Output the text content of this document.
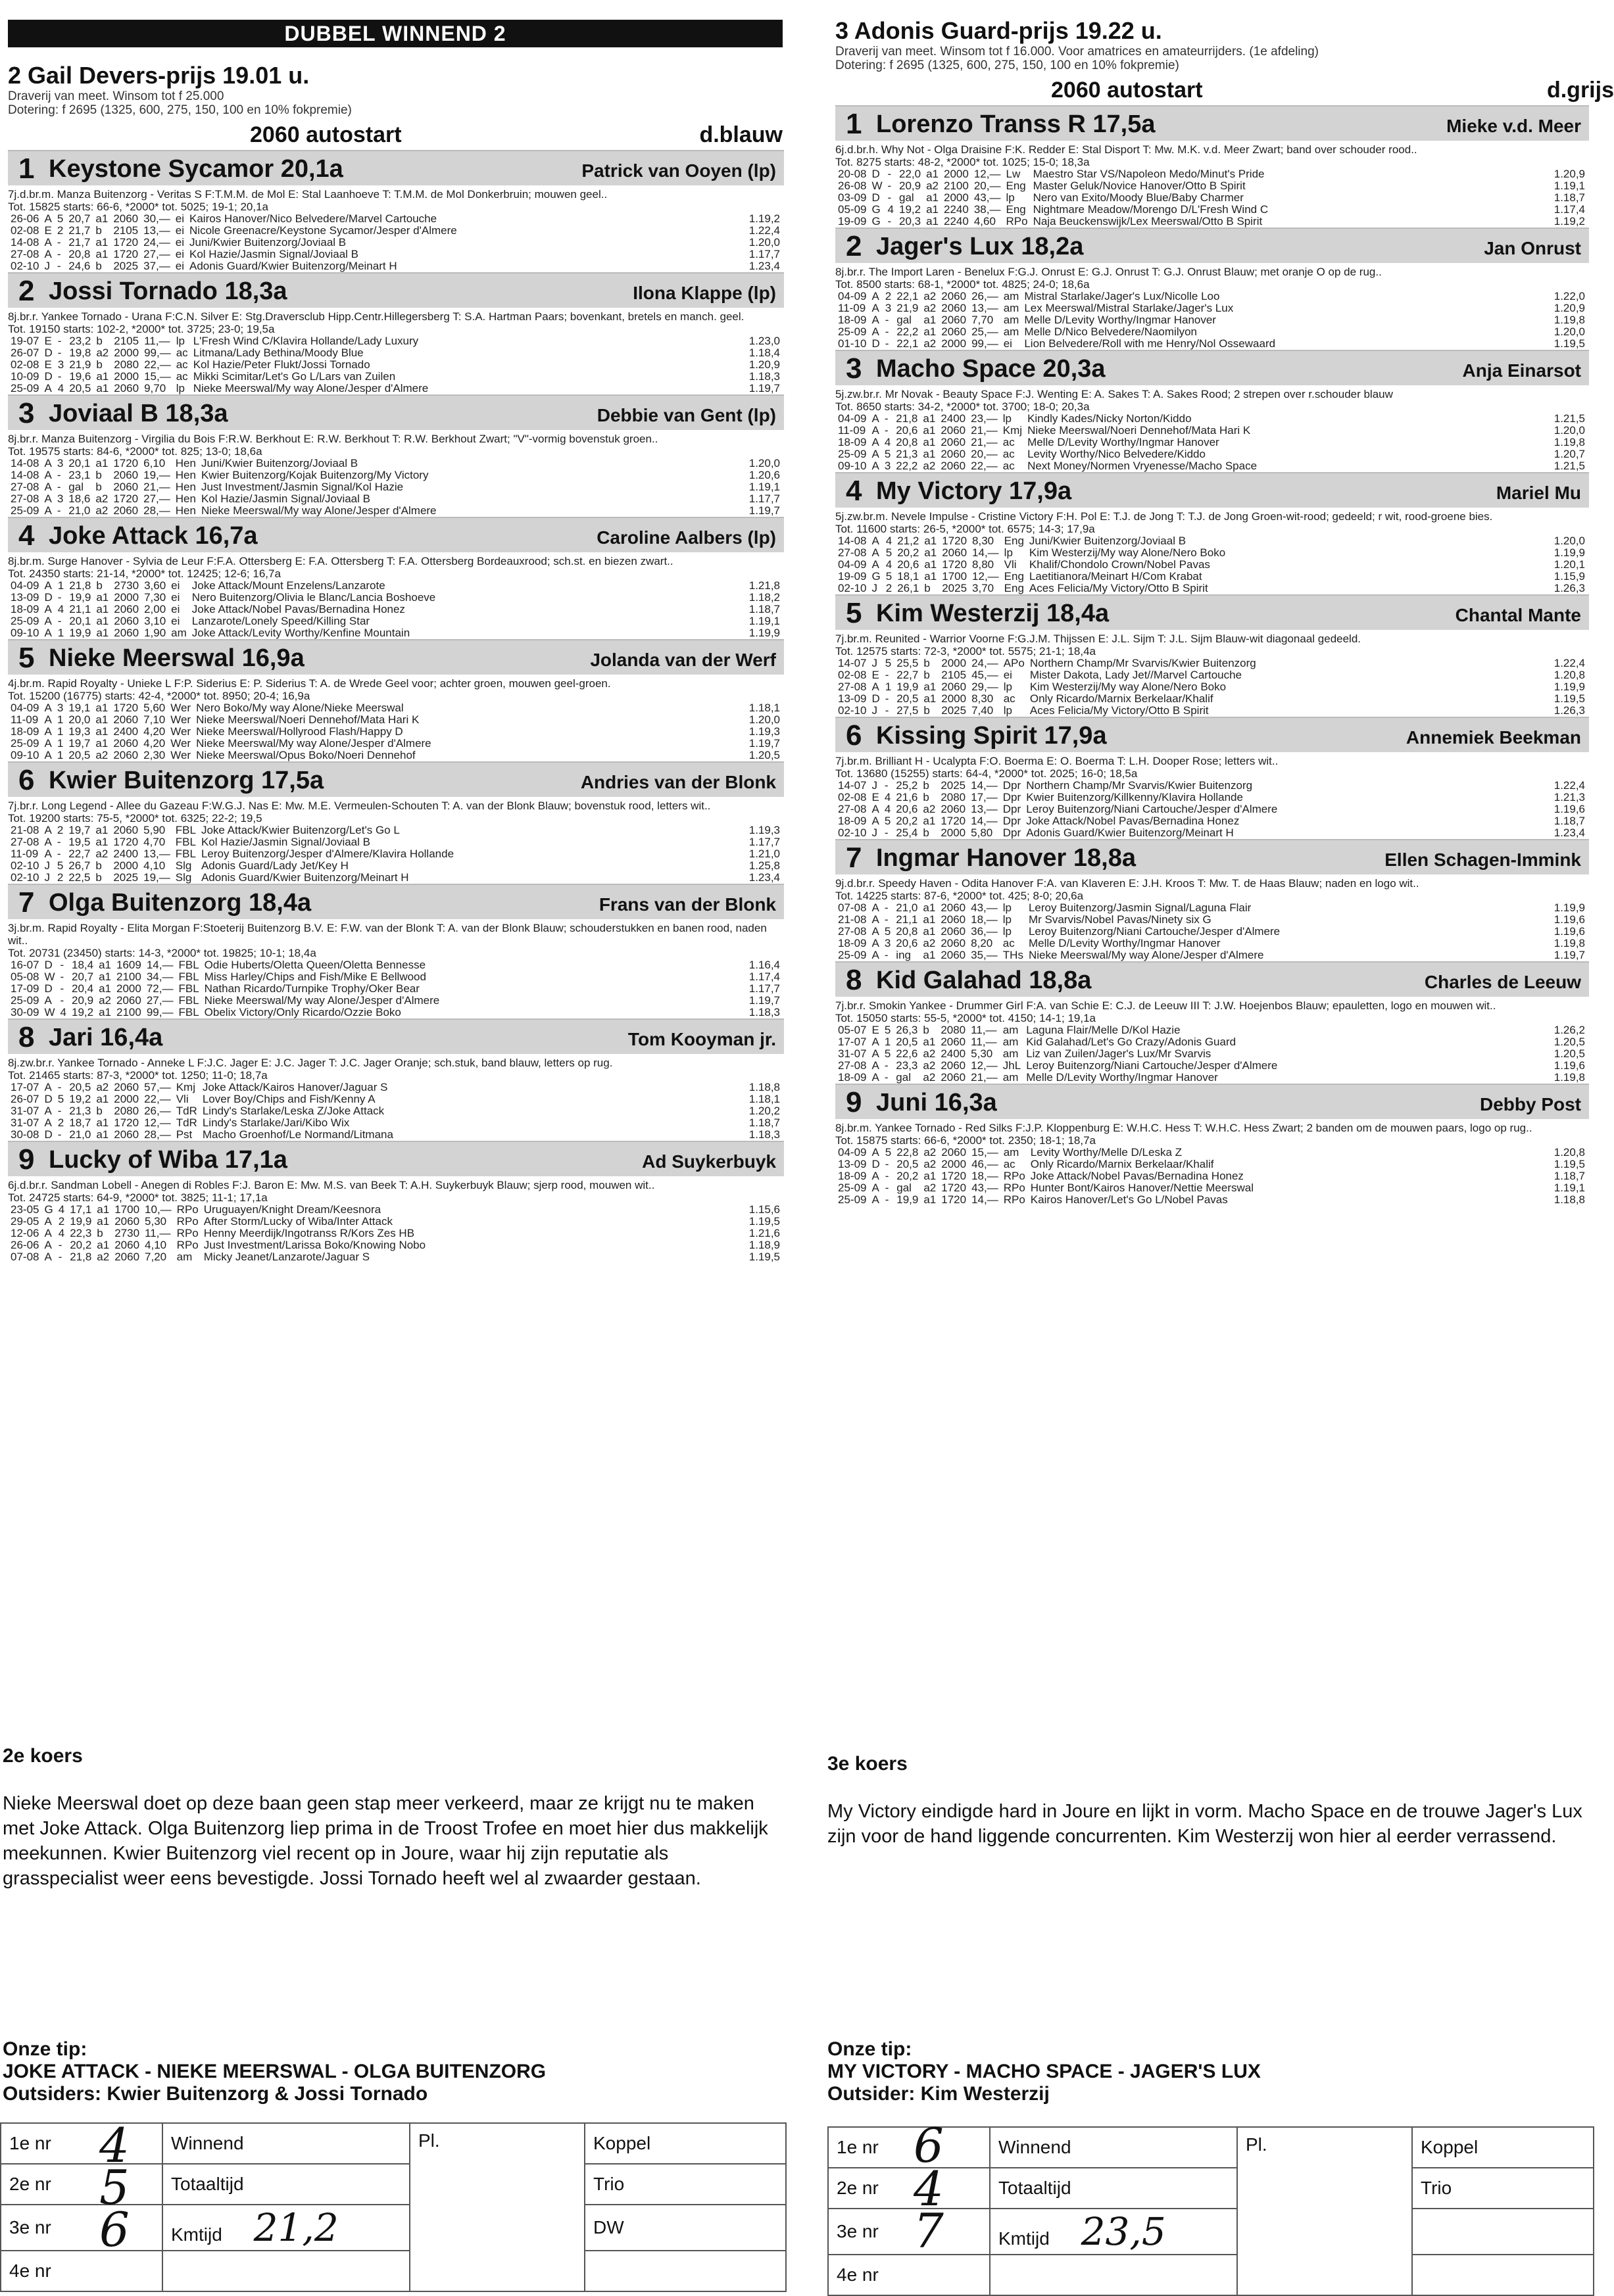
DUBBEL WINNEND 2
2 Gail Devers-prijs 19.01 u.
Draverij van meet. Winsom tot f 25.000
Dotering: f 2695 (1325, 600, 275, 150, 100 en 10% fokpremie)
2060 autostart	d.blauw
1 Keystone Sycamor 20,1a	Patrick van Ooyen (lp)
7j.d.br.m. Manza Buitenzorg - Veritas S F:T.M.M. de Mol E: Stal Laanhoeve T: T.M.M. de Mol Donkerbruin; mouwen geel..
Tot. 15825 starts: 66-6, *2000* tot. 5025; 19-1; 20,1a
26-06	A	5	20,7	a1	2060	30,—	ei	Kairos Hanover/Nico Belvedere/Marvel Cartouche	1.19,2
02-08	E	2	21,7	b	2105	13,—	ei	Nicole Greenacre/Keystone Sycamor/Jesper d'Almere	1.22,4
14-08	A	-	21,7	a1	1720	24,—	ei	Juni/Kwier Buitenzorg/Joviaal B	1.20,0
27-08	A	-	20,8	a1	1720	27,—	ei	Kol Hazie/Jasmin Signal/Joviaal B	1.17,7
02-10	J	-	24,6	b	2025	37,—	ei	Adonis Guard/Kwier Buitenzorg/Meinart H	1.23,4
2 Jossi Tornado 18,3a	Ilona Klappe (lp)
8j.br.r. Yankee Tornado - Urana F:C.N. Silver E: Stg.Draversclub Hipp.Centr.Hillegersberg T: S.A. Hartman Paars; bovenkant, bretels en manch. geel.
Tot. 19150 starts: 102-2, *2000* tot. 3725; 23-0; 19,5a
19-07	E	-	23,2	b	2105	11,—	lp	L'Fresh Wind C/Klavira Hollande/Lady Luxury	1.23,0
26-07	D	-	19,8	a2	2000	99,—	ac	Litmana/Lady Bethina/Moody Blue	1.18,4
02-08	E	3	21,9	b	2080	22,—	ac	Kol Hazie/Peter Flukt/Jossi Tornado	1.20,9
10-09	D	-	19,6	a1	2000	15,—	ac	Mikki Scimitar/Let's Go L/Lars van Zuilen	1.18,3
25-09	A	4	20,5	a1	2060	9,70	lp	Nieke Meerswal/My way Alone/Jesper d'Almere	1.19,7
3 Joviaal B 18,3a	Debbie van Gent (lp)
8j.br.r. Manza Buitenzorg - Virgilia du Bois F:R.W. Berkhout E: R.W. Berkhout T: R.W. Berkhout Zwart; "V"-vormig bovenstuk groen..
Tot. 19575 starts: 84-6, *2000* tot. 825; 13-0; 18,6a
14-08	A	3	20,1	a1	1720	6,10	Hen	Juni/Kwier Buitenzorg/Joviaal B	1.20,0
14-08	A	-	23,1	b	2060	19,—	Hen	Kwier Buitenzorg/Kojak Buitenzorg/My Victory	1.20,6
27-08	A	-	gal	b	2060	21,—	Hen	Just Investment/Jasmin Signal/Kol Hazie	1.19,1
27-08	A	3	18,6	a2	1720	27,—	Hen	Kol Hazie/Jasmin Signal/Joviaal B	1.17,7
25-09	A	-	21,0	a2	2060	28,—	Hen	Nieke Meerswal/My way Alone/Jesper d'Almere	1.19,7
4 Joke Attack 16,7a	Caroline Aalbers (lp)
8j.br.m. Surge Hanover - Sylvia de Leur F:F.A. Ottersberg E: F.A. Ottersberg T: F.A. Ottersberg Bordeauxrood; sch.st. en biezen zwart..
Tot. 24350 starts: 21-14, *2000* tot. 12425; 12-6; 16,7a
04-09	A	1	21,8	b	2730	3,60	ei	Joke Attack/Mount Enzelens/Lanzarote	1.21,8
13-09	D	-	19,9	a1	2000	7,30	ei	Nero Buitenzorg/Olivia le Blanc/Lancia Boshoeve	1.18,2
18-09	A	4	21,1	a1	2060	2,00	ei	Joke Attack/Nobel Pavas/Bernadina Honez	1.18,7
25-09	A	-	20,1	a1	2060	3,10	ei	Lanzarote/Lonely Speed/Killing Star	1.19,1
09-10	A	1	19,9	a1	2060	1,90	am	Joke Attack/Levity Worthy/Kenfine Mountain	1.19,9
5 Nieke Meerswal 16,9a	Jolanda van der Werf
4j.br.m. Rapid Royalty - Unieke L F:P. Siderius E: P. Siderius T: A. de Wrede Geel voor; achter groen, mouwen geel-groen.
Tot. 15200 (16775) starts: 42-4, *2000* tot. 8950; 20-4; 16,9a
04-09	A	3	19,1	a1	1720	5,60	Wer	Nero Boko/My way Alone/Nieke Meerswal	1.18,1
11-09	A	1	20,0	a1	2060	7,10	Wer	Nieke Meerswal/Noeri Dennehof/Mata Hari K	1.20,0
18-09	A	1	19,3	a1	2400	4,20	Wer	Nieke Meerswal/Hollyrood Flash/Happy D	1.19,3
25-09	A	1	19,7	a1	2060	4,20	Wer	Nieke Meerswal/My way Alone/Jesper d'Almere	1.19,7
09-10	A	1	20,5	a2	2060	2,30	Wer	Nieke Meerswal/Opus Boko/Noeri Dennehof	1.20,5
6 Kwier Buitenzorg 17,5a	Andries van der Blonk
7j.br.r. Long Legend - Allee du Gazeau F:W.G.J. Nas E: Mw. M.E. Vermeulen-Schouten T: A. van der Blonk Blauw; bovenstuk rood, letters wit..
Tot. 19200 starts: 75-5, *2000* tot. 6325; 22-2; 19,5
21-08	A	2	19,7	a1	2060	5,90	FBL	Joke Attack/Kwier Buitenzorg/Let's Go L	1.19,3
27-08	A	-	19,5	a1	1720	4,70	FBL	Kol Hazie/Jasmin Signal/Joviaal B	1.17,7
11-09	A	-	22,7	a2	2400	13,—	FBL	Leroy Buitenzorg/Jesper d'Almere/Klavira Hollande	1.21,0
02-10	J	5	26,7	b	2000	4,10	Slg	Adonis Guard/Lady Jet/Key H	1.25,8
02-10	J	2	22,5	b	2025	19,—	Slg	Adonis Guard/Kwier Buitenzorg/Meinart H	1.23,4
7 Olga Buitenzorg 18,4a	Frans van der Blonk
3j.br.m. Rapid Royalty - Elita Morgan F:Stoeterij Buitenzorg B.V. E: F.W. van der Blonk T: A. van der Blonk Blauw; schouderstukken en banen rood, naden wit..
Tot. 20731 (23450) starts: 14-3, *2000* tot. 19825; 10-1; 18,4a
16-07	D	-	18,4	a1	1609	14,—	FBL	Odie Huberts/Oletta Queen/Oletta Bennesse	1.16,4
05-08	W	-	20,7	a1	2100	34,—	FBL	Miss Harley/Chips and Fish/Mike E Bellwood	1.17,4
17-09	D	-	20,4	a1	2000	72,—	FBL	Nathan Ricardo/Turnpike Trophy/Oker Bear	1.17,7
25-09	A	-	20,9	a2	2060	27,—	FBL	Nieke Meerswal/My way Alone/Jesper d'Almere	1.19,7
30-09	W	4	19,2	a1	2100	99,—	FBL	Obelix Victory/Only Ricardo/Ozzie Boko	1.18,3
8 Jari 16,4a	Tom Kooyman jr.
8j.zw.br.r. Yankee Tornado - Anneke L F:J.C. Jager E: J.C. Jager T: J.C. Jager Oranje; sch.stuk, band blauw, letters op rug.
Tot. 21465 starts: 87-3, *2000* tot. 1250; 11-0; 18,7a
17-07	A	-	20,5	a2	2060	57,—	Kmj	Joke Attack/Kairos Hanover/Jaguar S	1.18,8
26-07	D	5	19,2	a1	2000	22,—	Vli	Lover Boy/Chips and Fish/Kenny A	1.18,1
31-07	A	-	21,3	b	2080	26,—	TdR	Lindy's Starlake/Leska Z/Joke Attack	1.20,2
31-07	A	2	18,7	a1	1720	12,—	TdR	Lindy's Starlake/Jari/Kibo Wix	1.18,7
30-08	D	-	21,0	a1	2060	28,—	Pst	Macho Groenhof/Le Normand/Litmana	1.18,3
9 Lucky of Wiba 17,1a	Ad Suykerbuyk
6j.d.br.r. Sandman Lobell - Anegen di Robles F:J. Baron E: Mw. M.S. van Beek T: A.H. Suykerbuyk Blauw; sjerp rood, mouwen wit..
Tot. 24725 starts: 64-9, *2000* tot. 3825; 11-1; 17,1a
23-05	G	4	17,1	a1	1700	10,—	RPo	Uruguayen/Knight Dream/Keesnora	1.15,6
29-05	A	2	19,9	a1	2060	5,30	RPo	After Storm/Lucky of Wiba/Inter Attack	1.19,5
12-06	A	4	22,3	b	2730	11,—	RPo	Henny Meerdijk/Ingotranss R/Kors Zes HB	1.21,6
26-06	A	-	20,2	a1	2060	4,10	RPo	Just Investment/Larissa Boko/Knowing Nobo	1.18,9
07-08	A	-	21,8	a2	2060	7,20	am	Micky Jeanet/Lanzarote/Jaguar S	1.19,5
2e koers
Nieke Meerswal doet op deze baan geen stap meer verkeerd, maar ze krijgt nu te maken met Joke Attack. Olga Buitenzorg liep prima in de Troost Trofee en moet hier dus makkelijk meekunnen. Kwier Buitenzorg viel recent op in Joure, waar hij zijn reputatie als grasspecialist weer eens bevestigde. Jossi Tornado heeft wel al zwaarder gestaan.
Onze tip:
JOKE ATTACK - NIEKE MEERSWAL - OLGA BUITENZORG
Outsiders: Kwier Buitenzorg & Jossi Tornado
1e nr 4	Winnend	Pl.	Koppel
2e nr 5	Totaaltijd		Trio
3e nr 6	Kmtijd 21,2		DW
4e nr			
3 Adonis Guard-prijs 19.22 u.
Draverij van meet. Winsom tot f 16.000. Voor amatrices en amateurrijders. (1e afdeling)
Dotering: f 2695 (1325, 600, 275, 150, 100 en 10% fokpremie)
2060 autostart	d.grijs
1 Lorenzo Transs R 17,5a	Mieke v.d. Meer
6j.d.br.h. Why Not - Olga Draisine F:K. Redder E: Stal Disport T: Mw. M.K. v.d. Meer Zwart; band over schouder rood..
Tot. 8275 starts: 48-2, *2000* tot. 1025; 15-0; 18,3a
20-08	D	-	22,0	a1	2000	12,—	Lw	Maestro Star VS/Napoleon Medo/Minut's Pride	1.20,9
26-08	W	-	20,9	a2	2100	20,—	Eng	Master Geluk/Novice Hanover/Otto B Spirit	1.19,1
03-09	D	-	gal	a1	2000	43,—	lp	Nero van Exito/Moody Blue/Baby Charmer	1.18,7
05-09	G	4	19,2	a1	2240	38,—	Eng	Nightmare Meadow/Morengo D/L'Fresh Wind C	1.17,4
19-09	G	-	20,3	a1	2240	4,60	RPo	Naja Beuckenswijk/Lex Meerswal/Otto B Spirit	1.19,2
2 Jager's Lux 18,2a	Jan Onrust
8j.br.r. The Import Laren - Benelux F:G.J. Onrust E: G.J. Onrust T: G.J. Onrust Blauw; met oranje O op de rug..
Tot. 8500 starts: 68-1, *2000* tot. 4825; 24-0; 18,6a
04-09	A	2	22,1	a2	2060	26,—	am	Mistral Starlake/Jager's Lux/Nicolle Loo	1.22,0
11-09	A	3	21,9	a2	2060	13,—	am	Lex Meerswal/Mistral Starlake/Jager's Lux	1.20,9
18-09	A	-	gal	a1	2060	7,70	am	Melle D/Levity Worthy/Ingmar Hanover	1.19,8
25-09	A	-	22,2	a1	2060	25,—	am	Melle D/Nico Belvedere/Naomilyon	1.20,0
01-10	D	-	22,1	a2	2000	99,—	ei	Lion Belvedere/Roll with me Henry/Nol Ossewaard	1.19,5
3 Macho Space 20,3a	Anja Einarsot
5j.zw.br.r. Mr Novak - Beauty Space F:J. Wenting E: A. Sakes T: A. Sakes Rood; 2 strepen over r.schouder blauw
Tot. 8650 starts: 34-2, *2000* tot. 3700; 18-0; 20,3a
04-09	A	-	21,8	a1	2400	23,—	lp	Kindly Kades/Nicky Norton/Kiddo	1.21,5
11-09	A	-	20,6	a1	2060	21,—	Kmj	Nieke Meerswal/Noeri Dennehof/Mata Hari K	1.20,0
18-09	A	4	20,8	a1	2060	21,—	ac	Melle D/Levity Worthy/Ingmar Hanover	1.19,8
25-09	A	5	21,3	a1	2060	20,—	ac	Levity Worthy/Nico Belvedere/Kiddo	1.20,7
09-10	A	3	22,2	a2	2060	22,—	ac	Next Money/Normen Vryenesse/Macho Space	1.21,5
4 My Victory 17,9a	Mariel Mu
5j.zw.br.m. Nevele Impulse - Cristine Victory F:H. Pol E: T.J. de Jong T: T.J. de Jong Groen-wit-rood; gedeeld; r wit, rood-groene bies.
Tot. 11600 starts: 26-5, *2000* tot. 6575; 14-3; 17,9a
14-08	A	4	21,2	a1	1720	8,30	Eng	Juni/Kwier Buitenzorg/Joviaal B	1.20,0
27-08	A	5	20,2	a1	2060	14,—	lp	Kim Westerzij/My way Alone/Nero Boko	1.19,9
04-09	A	4	20,6	a1	1720	8,80	Vli	Khalif/Chondolo Crown/Nobel Pavas	1.20,1
19-09	G	5	18,1	a1	1700	12,—	Eng	Laetitianora/Meinart H/Com Krabat	1.15,9
02-10	J	2	26,1	b	2025	3,70	Eng	Aces Felicia/My Victory/Otto B Spirit	1.26,3
5 Kim Westerzij 18,4a	Chantal Mante
7j.br.m. Reunited - Warrior Voorne F:G.J.M. Thijssen E: J.L. Sijm T: J.L. Sijm Blauw-wit diagonaal gedeeld.
Tot. 12575 starts: 72-3, *2000* tot. 5575; 21-1; 18,4a
14-07	J	5	25,5	b	2000	24,—	APo	Northern Champ/Mr Svarvis/Kwier Buitenzorg	1.22,4
02-08	E	-	22,7	b	2105	45,—	ei	Mister Dakota, Lady Jet//Marvel Cartouche	1.20,8
27-08	A	1	19,9	a1	2060	29,—	lp	Kim Westerzij/My way Alone/Nero Boko	1.19,9
13-09	D	-	20,5	a1	2000	8,30	ac	Only Ricardo/Marnix Berkelaar/Khalif	1.19,5
02-10	J	-	27,5	b	2025	7,40	lp	Aces Felicia/My Victory/Otto B Spirit	1.26,3
6 Kissing Spirit 17,9a	Annemiek Beekman
7j.br.m. Brilliant H - Ucalypta F:O. Boerma E: O. Boerma T: L.H. Dooper Rose; letters wit..
Tot. 13680 (15255) starts: 64-4, *2000* tot. 2025; 16-0; 18,5a
14-07	J	-	25,2	b	2025	14,—	Dpr	Northern Champ/Mr Svarvis/Kwier Buitenzorg	1.22,4
02-08	E	4	21,6	b	2080	17,—	Dpr	Kwier Buitenzorg/Killkenny/Klavira Hollande	1.21,3
27-08	A	4	20,6	a2	2060	13,—	Dpr	Leroy Buitenzorg/Niani Cartouche/Jesper d'Almere	1.19,6
18-09	A	5	20,2	a1	1720	14,—	Dpr	Joke Attack/Nobel Pavas/Bernadina Honez	1.18,7
02-10	J	-	25,4	b	2000	5,80	Dpr	Adonis Guard/Kwier Buitenzorg/Meinart H	1.23,4
7 Ingmar Hanover 18,8a	Ellen Schagen-Immink
9j.d.br.r. Speedy Haven - Odita Hanover F:A. van Klaveren E: J.H. Kroos T: Mw. T. de Haas Blauw; naden en logo wit..
Tot. 14225 starts: 87-6, *2000* tot. 425; 8-0; 20,6a
07-08	A	-	21,0	a1	2060	43,—	lp	Leroy Buitenzorg/Jasmin Signal/Laguna Flair	1.19,9
21-08	A	-	21,1	a1	2060	18,—	lp	Mr Svarvis/Nobel Pavas/Ninety six G	1.19,6
27-08	A	5	20,8	a1	2060	36,—	lp	Leroy Buitenzorg/Niani Cartouche/Jesper d'Almere	1.19,6
18-09	A	3	20,6	a2	2060	8,20	ac	Melle D/Levity Worthy/Ingmar Hanover	1.19,8
25-09	A	-	ing	a1	2060	35,—	THs	Nieke Meerswal/My way Alone/Jesper d'Almere	1.19,7
8 Kid Galahad 18,8a	Charles de Leeuw
7j.br.r. Smokin Yankee - Drummer Girl F:A. van Schie E: C.J. de Leeuw III T: J.W. Hoejenbos Blauw; epauletten, logo en mouwen wit..
Tot. 15050 starts: 55-5, *2000* tot. 4150; 14-1; 19,1a
05-07	E	5	26,3	b	2080	11,—	am	Laguna Flair/Melle D/Kol Hazie	1.26,2
17-07	A	1	20,5	a1	2060	11,—	am	Kid Galahad/Let's Go Crazy/Adonis Guard	1.20,5
31-07	A	5	22,6	a2	2400	5,30	am	Liz van Zuilen/Jager's Lux/Mr Svarvis	1.20,5
27-08	A	-	23,3	a2	2060	12,—	JhL	Leroy Buitenzorg/Niani Cartouche/Jesper d'Almere	1.19,6
18-09	A	-	gal	a2	2060	21,—	am	Melle D/Levity Worthy/Ingmar Hanover	1.19,8
9 Juni 16,3a	Debby Post
8j.br.m. Yankee Tornado - Red Silks F:J.P. Kloppenburg E: W.H.C. Hess T: W.H.C. Hess Zwart; 2 banden om de mouwen paars, logo op rug..
Tot. 15875 starts: 66-6, *2000* tot. 2350; 18-1; 18,7a
04-09	A	5	22,8	a2	2060	15,—	am	Levity Worthy/Melle D/Leska Z	1.20,8
13-09	D	-	20,5	a2	2000	46,—	ac	Only Ricardo/Marnix Berkelaar/Khalif	1.19,5
18-09	A	-	20,2	a1	1720	18,—	RPo	Joke Attack/Nobel Pavas/Bernadina Honez	1.18,7
25-09	A	-	gal	a2	1720	43,—	RPo	Hunter Bont/Kairos Hanover/Nettie Meerswal	1.19,1
25-09	A	-	19,9	a1	1720	14,—	RPo	Kairos Hanover/Let's Go L/Nobel Pavas	1.18,8
3e koers
My Victory eindigde hard in Joure en lijkt in vorm. Macho Space en de trouwe Jager's Lux zijn voor de hand liggende concurrenten. Kim Westerzij won hier al eerder verrassend.
Onze tip:
MY VICTORY - MACHO SPACE - JAGER'S LUX
Outsider: Kim Westerzij
1e nr 6	Winnend	Pl.	Koppel
2e nr 4	Totaaltijd		Trio
3e nr 7	Kmtijd 23,5		
4e nr			
